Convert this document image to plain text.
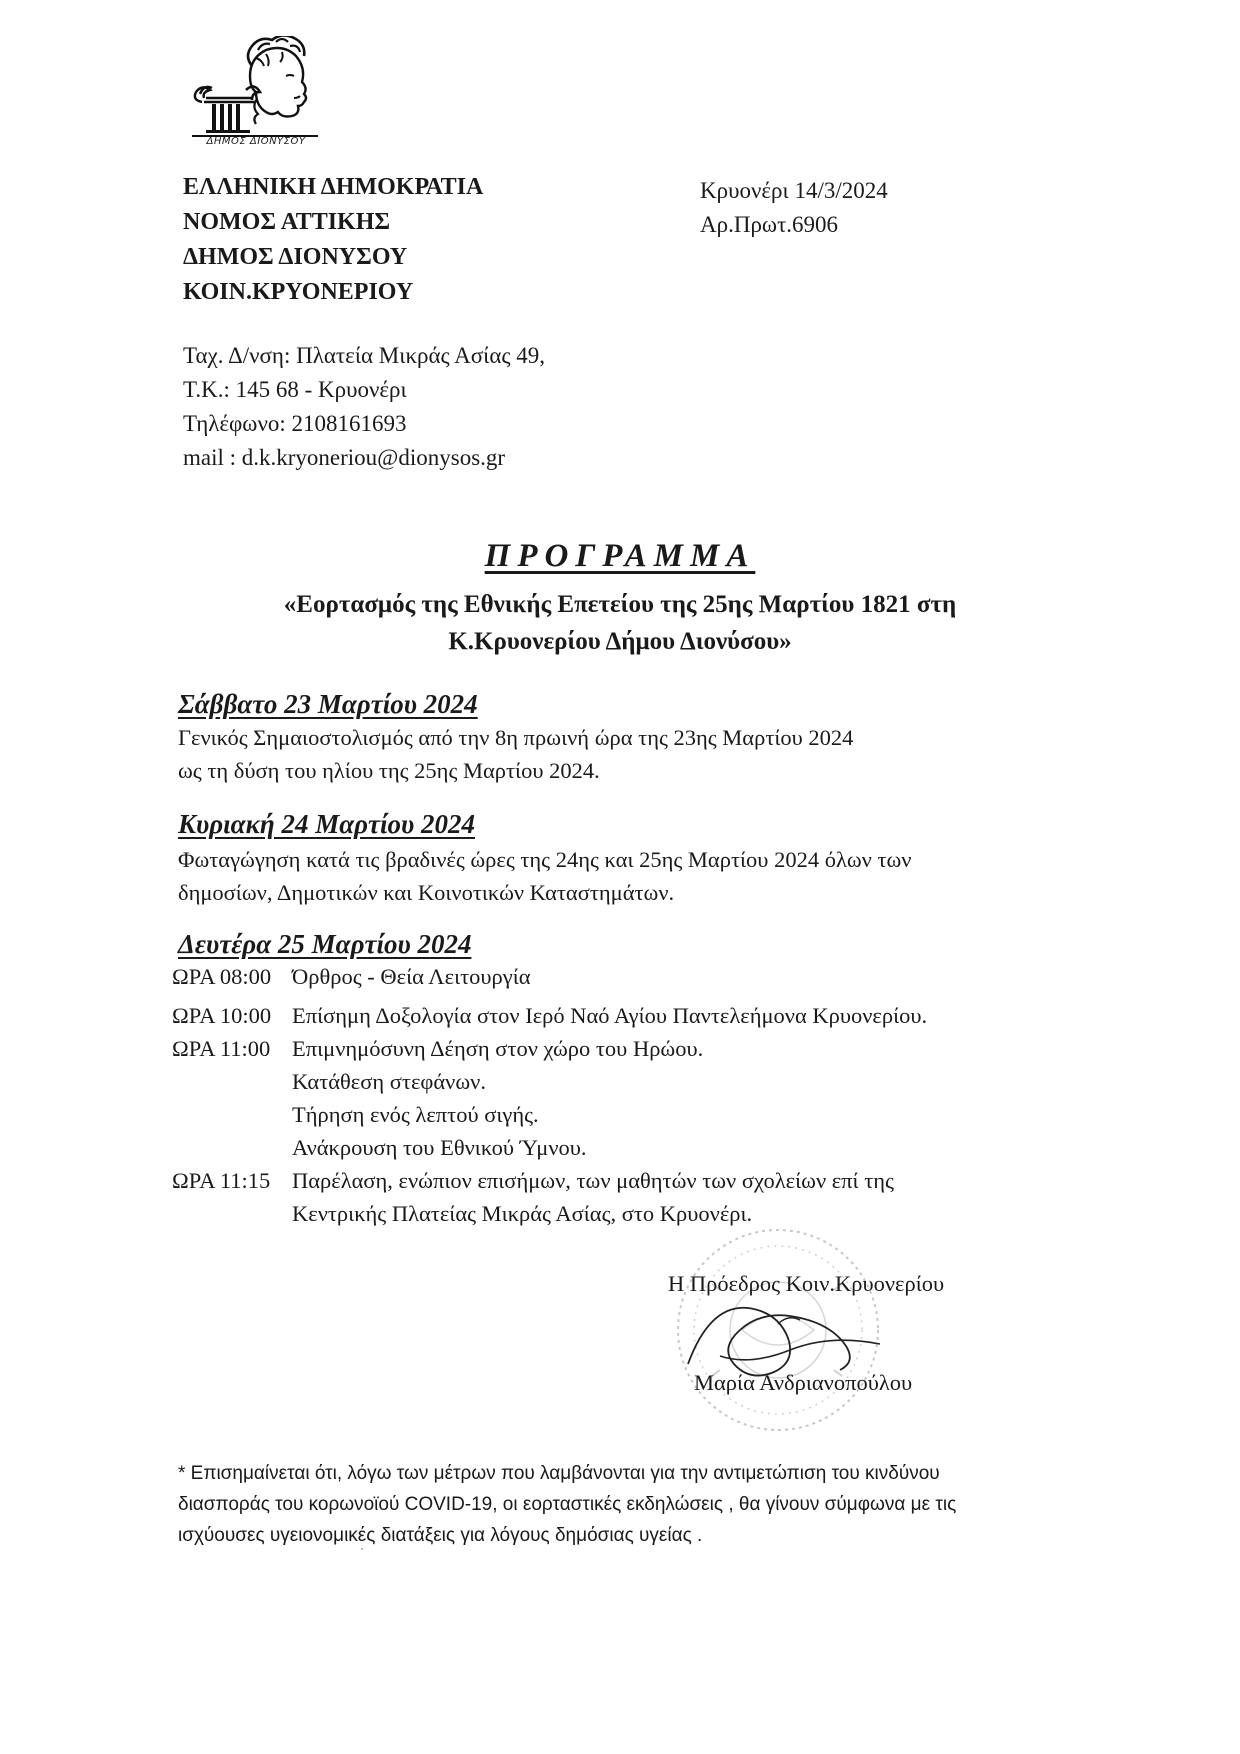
ΔΗΜΟΣ ΔΙΟΝΥΣΟΥ
ΕΛΛΗΝΙΚΗ ΔΗΜΟΚΡΑΤΙΑ
ΝΟΜΟΣ ΑΤΤΙΚΗΣ
ΔΗΜΟΣ ΔΙΟΝΥΣΟΥ
ΚΟΙΝ.ΚΡΥΟΝΕΡΙΟΥ
Κρυονέρι 14/3/2024
Αρ.Πρωτ.6906
Ταχ. Δ/νση: Πλατεία Μικράς Ασίας 49,
Τ.Κ.: 145 68 - Κρυονέρι
Τηλέφωνο: 2108161693
mail : d.k.kryoneriou@dionysos.gr
ΠΡΟΓΡΑΜΜΑ
«Εορτασμός της Εθνικής Επετείου της 25ης Μαρτίου 1821 στη
Κ.Κρυονερίου Δήμου Διονύσου»
Σάββατο 23 Μαρτίου 2024
Γενικός Σημαιοστολισμός από την 8η πρωινή ώρα της 23ης Μαρτίου 2024
ως τη δύση του ηλίου της 25ης Μαρτίου 2024.
Κυριακή 24 Μαρτίου 2024
Φωταγώγηση κατά τις βραδινές ώρες της 24ης και 25ης Μαρτίου 2024 όλων των
δημοσίων, Δημοτικών και Κοινοτικών Καταστημάτων.
Δευτέρα 25 Μαρτίου 2024
ΩΡΑ 08:00 Όρθρος - Θεία Λειτουργία
ΩΡΑ 10:00 Επίσημη Δοξολογία στον Ιερό Ναό Αγίου Παντελεήμονα Κρυονερίου.
ΩΡΑ 11:00 Επιμνημόσυνη Δέηση στον χώρο του Ηρώου.
Κατάθεση στεφάνων.
Τήρηση ενός λεπτού σιγής.
Ανάκρουση του Εθνικού Ύμνου.
ΩΡΑ 11:15 Παρέλαση, ενώπιον επισήμων, των μαθητών των σχολείων επί της
Κεντρικής Πλατείας Μικράς Ασίας, στο Κρυονέρι.
Η Πρόεδρος Κοιν.Κρυονερίου
Μαρία Ανδριανοπούλου
* Επισημαίνεται ότι, λόγω των μέτρων που λαμβάνονται για την αντιμετώπιση του κινδύνου
διασποράς του κορωνοϊού COVID-19, οι εορταστικές εκδηλώσεις , θα γίνουν σύμφωνα με τις
ισχύουσες υγειονομικές διατάξεις για λόγους δημόσιας υγείας .
